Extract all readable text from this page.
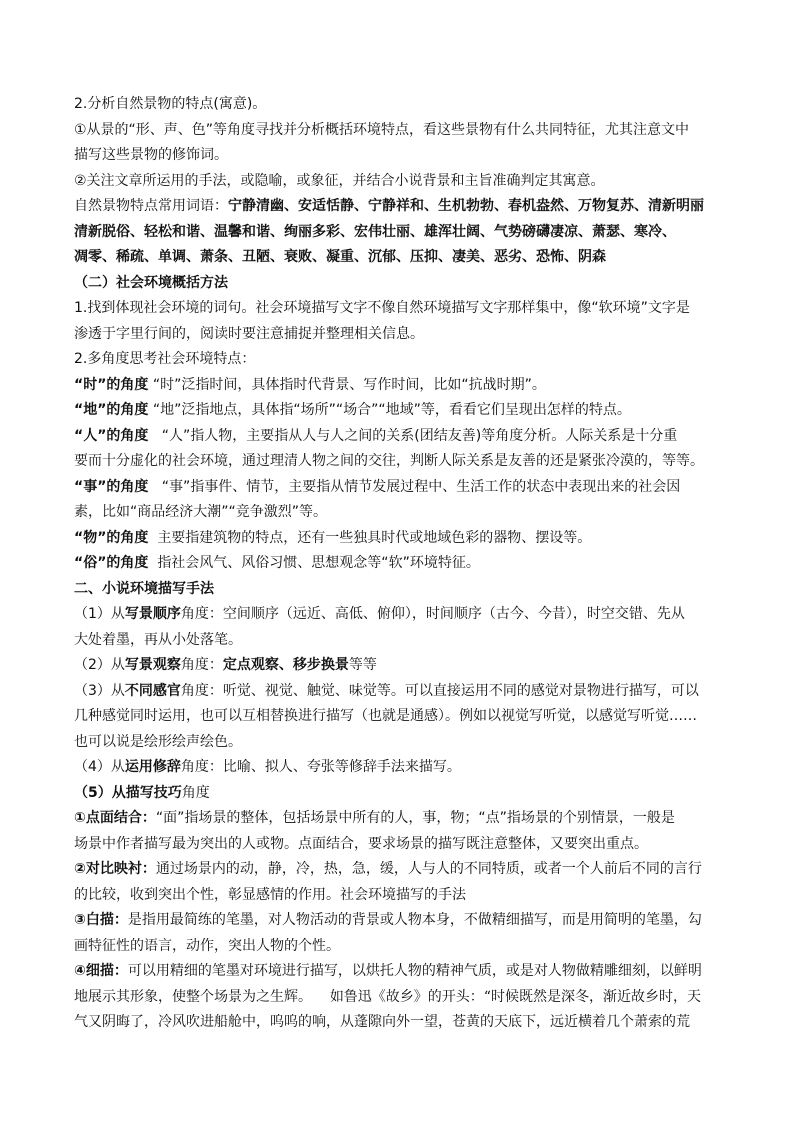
2.分析自然景物的特点(寓意)。
①从景的“形、声、色”等角度寻找并分析概括环境特点，看这些景物有什么共同特征，尤其注意文中
描写这些景物的修饰词。
②关注文章所运用的手法，或隐喻，或象征，并结合小说背景和主旨准确判定其寓意。
自然景物特点常用词语：宁静清幽、安适恬静、宁静祥和、生机勃勃、春机盎然、万物复苏、清新明丽
清新脱俗、轻松和谐、温馨和谐、绚丽多彩、宏伟壮丽、雄浑壮阔、气势磅礴凄凉、萧瑟、寒冷、
凋零、稀疏、单调、萧条、丑陋、衰败、凝重、沉郁、压抑、凄美、恶劣、恐怖、阴森
（二）社会环境概括方法
1.找到体现社会环境的词句。社会环境描写文字不像自然环境描写文字那样集中，像“软环境”文字是
渗透于字里行间的，阅读时要注意捕捉并整理相关信息。
2.多角度思考社会环境特点：
“时”的角度 “时”泛指时间，具体指时代背景、写作时间，比如“抗战时期”。
“地”的角度 “地”泛指地点，具体指“场所”“场合”“地域”等，看看它们呈现出怎样的特点。
“人”的角度 “人”指人物，主要指从人与人之间的关系(团结友善)等角度分析。人际关系是十分重
要而十分虚化的社会环境，通过理清人物之间的交往，判断人际关系是友善的还是紧张冷漠的，等等。
“事”的角度 “事”指事件、情节，主要指从情节发展过程中、生活工作的状态中表现出来的社会因
素，比如“商品经济大潮”“竞争激烈”等。
“物”的角度 主要指建筑物的特点，还有一些独具时代或地域色彩的器物、摆设等。
“俗”的角度 指社会风气、风俗习惯、思想观念等“软”环境特征。
二、小说环境描写手法
（1）从写景顺序角度：空间顺序（远近、高低、俯仰），时间顺序（古今、今昔），时空交错、先从
大处着墨，再从小处落笔。
（2）从写景观察角度：定点观察、移步换景等等
（3）从不同感官角度：听觉、视觉、触觉、味觉等。可以直接运用不同的感觉对景物进行描写，可以
几种感觉同时运用，也可以互相替换进行描写（也就是通感）。例如以视觉写听觉，以感觉写听觉……
也可以说是绘形绘声绘色。
（4）从运用修辞角度：比喻、拟人、夸张等修辞手法来描写。
（5）从描写技巧角度
①点面结合：“面”指场景的整体，包括场景中所有的人，事，物；“点”指场景的个别情景，一般是
场景中作者描写最为突出的人或物。点面结合，要求场景的描写既注意整体，又要突出重点。
②对比映衬：通过场景内的动，静，冷，热，急，缓，人与人的不同特质，或者一个人前后不同的言行
的比较，收到突出个性，彰显感情的作用。社会环境描写的手法
③白描：是指用最简练的笔墨，对人物活动的背景或人物本身，不做精细描写，而是用简明的笔墨，勾
画特征性的语言，动作，突出人物的个性。
④细描：可以用精细的笔墨对环境进行描写，以烘托人物的精神气质，或是对人物做精雕细刻，以鲜明
地展示其形象，使整个场景为之生辉。 如鲁迅《故乡》的开头：“时候既然是深冬，渐近故乡时，天
气又阴晦了，冷风吹进船舱中，呜呜的响，从蓬隙向外一望，苍黄的天底下，远近横着几个萧索的荒
